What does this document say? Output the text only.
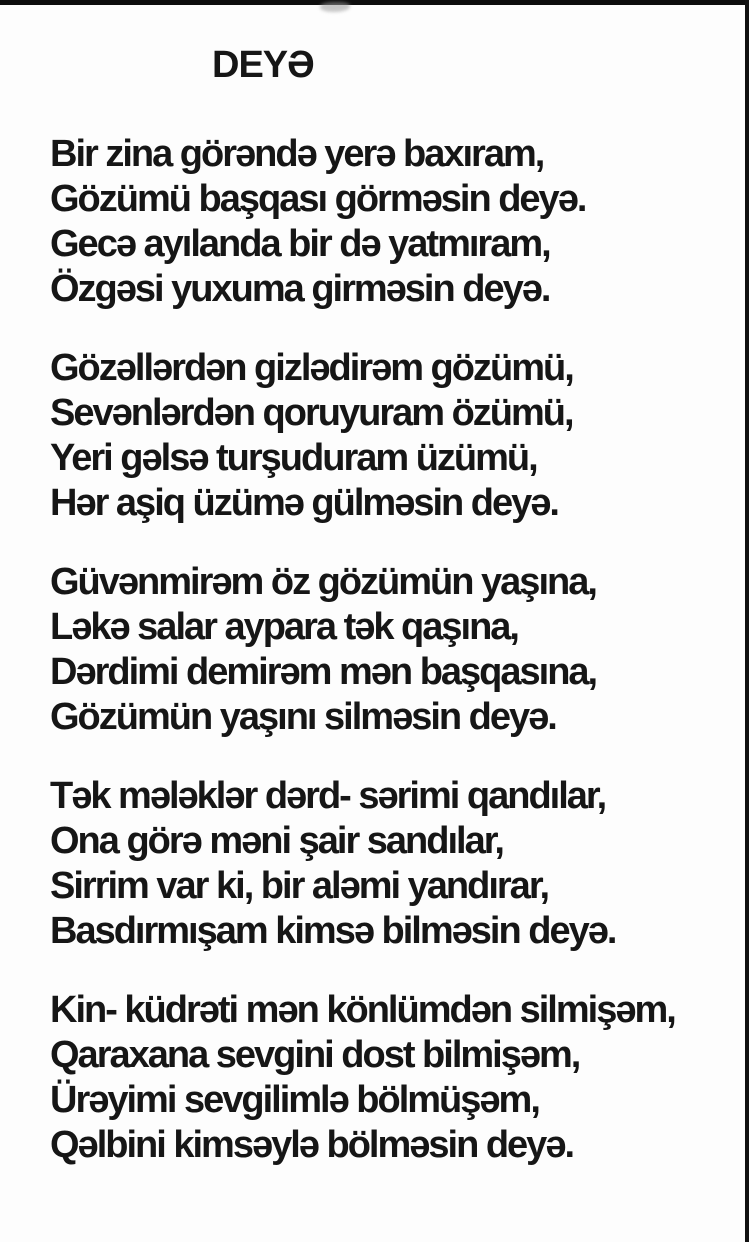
DEYƏ

Bir zina görəndə yerə baxıram,

Gözümü başqası görməsin deyə.

Gecə ayılanda bir də yatmıram,

Özgəsi yuxuma girməsin deyə.

Gözəllərdən gizlədirəm gözümü,

Sevənlərdən qoruyuram özümü,

Yeri gəlsə turşuduram üzümü,

Hər aşiq üzümə gülməsin deyə.

Güvənmirəm öz gözümün yaşına,

Ləkə salar aypara tək qaşına,

Dərdimi demirəm mən başqasına,

Gözümün yaşını silməsin deyə.

Tək mələklər dərd- sərimi qandılar,

Ona görə məni şair sandılar,

Sirrim var ki, bir aləmi yandırar,

Basdırmışam kimsə bilməsin deyə.

Kin- küdrəti mən könlümdən silmişəm,

Qaraxana sevgini dost bilmişəm,

Ürəyimi sevgilimlə bölmüşəm,

Qəlbini kimsəylə bölməsin deyə.
